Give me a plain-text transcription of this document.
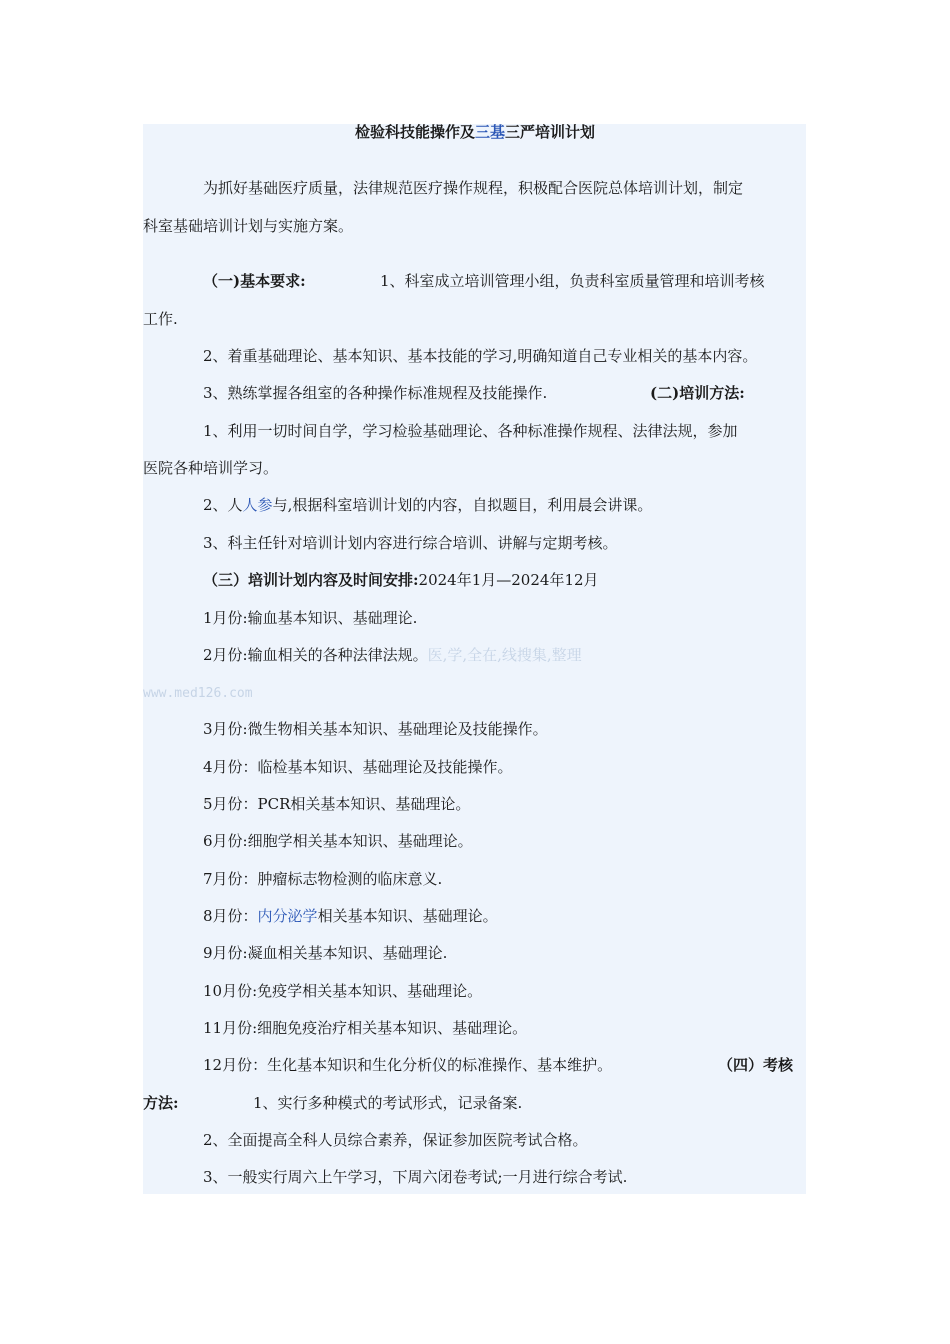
检验科技能操作及三基三严培训计划
为抓好基础医疗质量，法律规范医疗操作规程，积极配合医院总体培训计划，制定
科室基础培训计划与实施方案。
（一)基本要求:	1、科室成立培训管理小组，负责科室质量管理和培训考核
工作.
2、着重基础理论、基本知识、基本技能的学习,明确知道自己专业相关的基本内容。
3、熟练掌握各组室的各种操作标准规程及技能操作.	(二)培训方法:
1、利用一切时间自学，学习检验基础理论、各种标准操作规程、法律法规，参加
医院各种培训学习。
2、人人参与,根据科室培训计划的内容，自拟题目，利用晨会讲课。
3、科主任针对培训计划内容进行综合培训、讲解与定期考核。
（三）培训计划内容及时间安排:2024年1月—2024年12月
1月份:输血基本知识、基础理论.
2月份:输血相关的各种法律法规。医,学,全在,线搜集,整理
www.med126.com
3月份:微生物相关基本知识、基础理论及技能操作。
4月份：临检基本知识、基础理论及技能操作。
5月份：PCR相关基本知识、基础理论。
6月份:细胞学相关基本知识、基础理论。
7月份：肿瘤标志物检测的临床意义.
8月份：内分泌学相关基本知识、基础理论。
9月份:凝血相关基本知识、基础理论.
10月份:免疫学相关基本知识、基础理论。
11月份:细胞免疫治疗相关基本知识、基础理论。
12月份：生化基本知识和生化分析仪的标准操作、基本维护。	（四）考核
方法:	1、实行多种模式的考试形式，记录备案.
2、全面提高全科人员综合素养，保证参加医院考试合格。
3、一般实行周六上午学习，下周六闭卷考试;一月进行综合考试.
